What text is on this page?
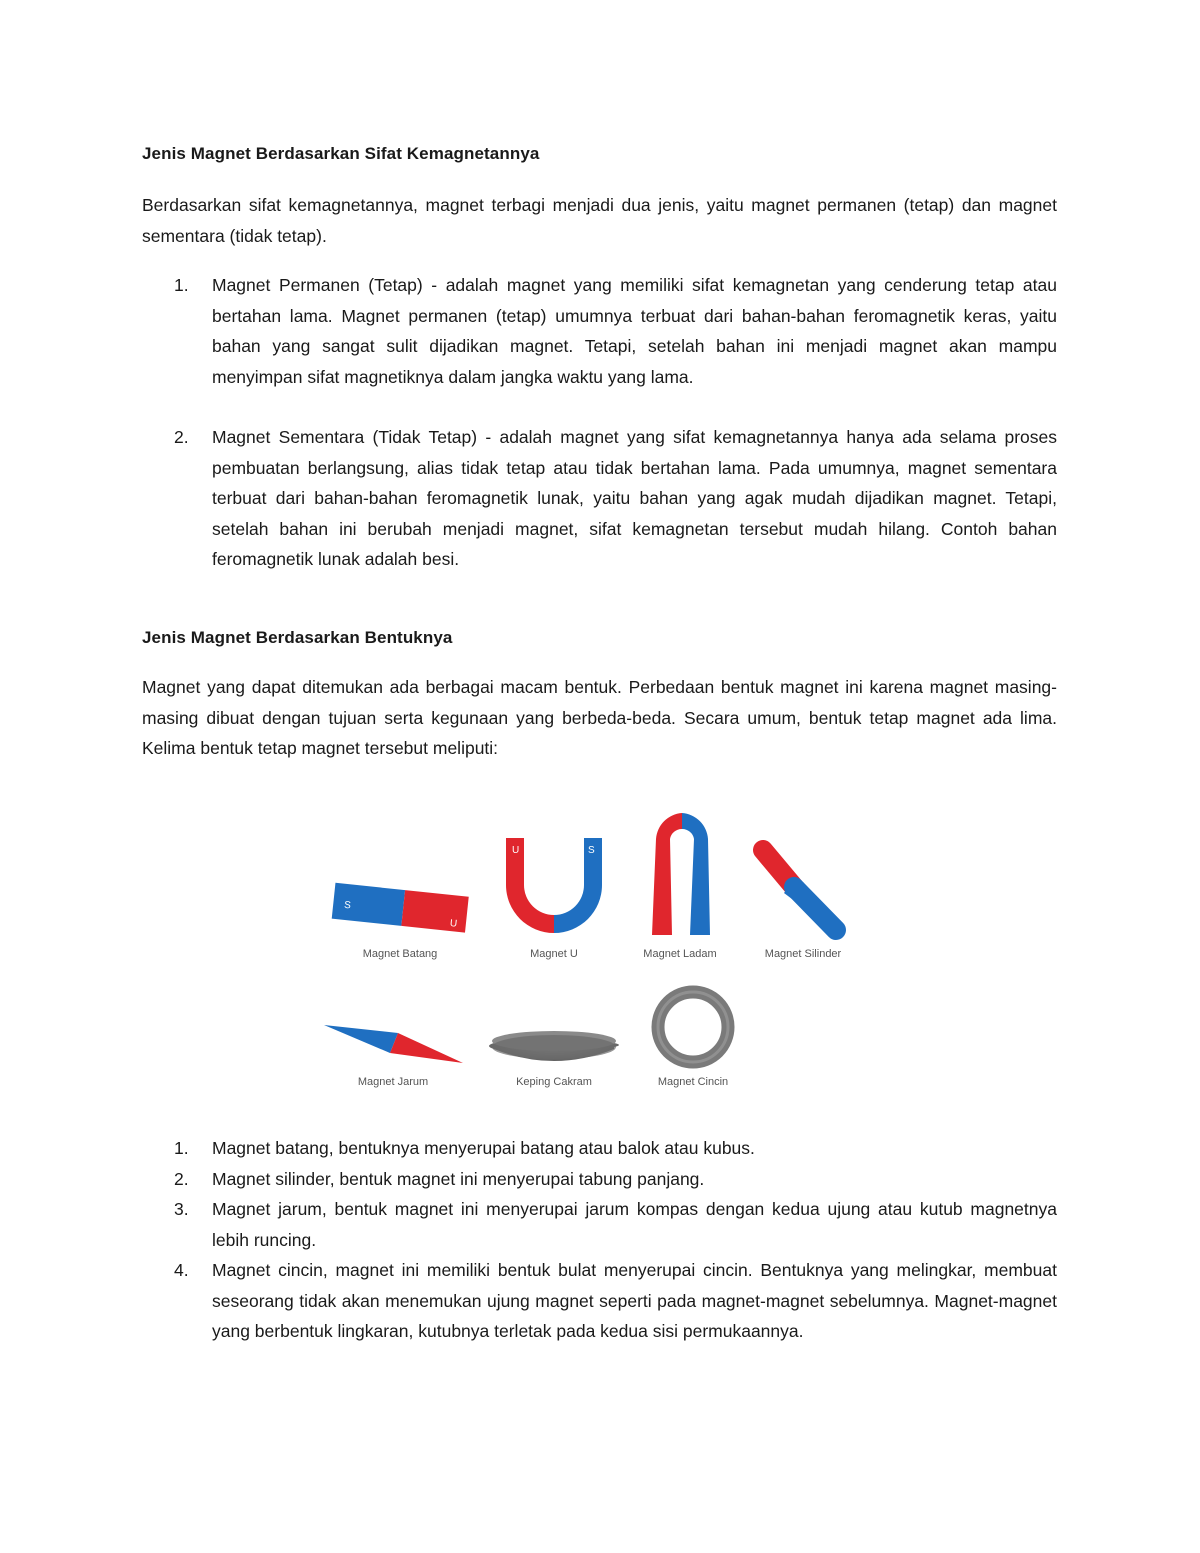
Jenis Magnet Berdasarkan Sifat Kemagnetannya

Berdasarkan sifat kemagnetannya, magnet terbagi menjadi dua jenis, yaitu magnet permanen (tetap) dan magnet sementara (tidak tetap).

1. Magnet Permanen (Tetap) - adalah magnet yang memiliki sifat kemagnetan yang cenderung tetap atau bertahan lama. Magnet permanen (tetap) umumnya terbuat dari bahan-bahan feromagnetik keras, yaitu bahan yang sangat sulit dijadikan magnet. Tetapi, setelah bahan ini menjadi magnet akan mampu menyimpan sifat magnetiknya dalam jangka waktu yang lama.
2. Magnet Sementara (Tidak Tetap) - adalah magnet yang sifat kemagnetannya hanya ada selama proses pembuatan berlangsung, alias tidak tetap atau tidak bertahan lama. Pada umumnya, magnet sementara terbuat dari bahan-bahan feromagnetik lunak, yaitu bahan yang agak mudah dijadikan magnet. Tetapi, setelah bahan ini berubah menjadi magnet, sifat kemagnetan tersebut mudah hilang. Contoh bahan feromagnetik lunak adalah besi.
Jenis Magnet Berdasarkan Bentuknya

Magnet yang dapat ditemukan ada berbagai macam bentuk. Perbedaan bentuk magnet ini karena magnet masing-masing dibuat dengan tujuan serta kegunaan yang berbeda-beda. Secara umum, bentuk tetap magnet ada lima. Kelima bentuk tetap magnet tersebut meliputi:

S
U
Magnet Batang
U	S
Magnet U	Magnet Ladam	Magnet Silinder
Magnet Jarum	Keping Cakram	Magnet Cincin
1. Magnet batang, bentuknya menyerupai batang atau balok atau kubus.
2. Magnet silinder, bentuk magnet ini menyerupai tabung panjang.
3. Magnet jarum, bentuk magnet ini menyerupai jarum kompas dengan kedua ujung atau kutub magnetnya lebih runcing.
4. Magnet cincin, magnet ini memiliki bentuk bulat menyerupai cincin. Bentuknya yang melingkar, membuat seseorang tidak akan menemukan ujung magnet seperti pada magnet-magnet sebelumnya. Magnet-magnet yang berbentuk lingkaran, kutubnya terletak pada kedua sisi permukaannya.
